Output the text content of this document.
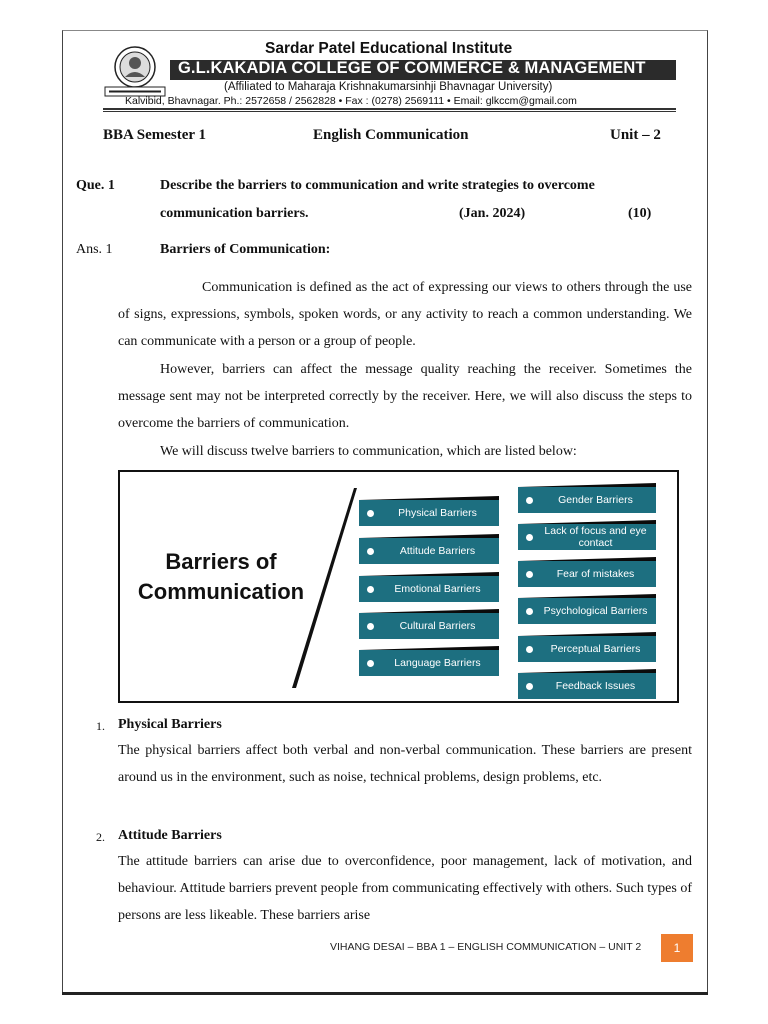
Sardar Patel Educational Institute
G.L.KAKADIA COLLEGE OF COMMERCE & MANAGEMENT
(Affiliated to Maharaja Krishnakumarsinhji Bhavnagar University)
Kalvibid, Bhavnagar. Ph.: 2572658 / 2562828 • Fax : (0278) 2569111 • Email: glkccm@gmail.com
BBA Semester 1	English Communication	Unit – 2
Que. 1	Describe the barriers to communication and write strategies to overcome
communication barriers.	(Jan. 2024)	(10)
Ans. 1	Barriers of Communication:

Communication is defined as the act of expressing our views to others through the use of signs, expressions, symbols, spoken words, or any activity to reach a common understanding. We can communicate with a person or a group of people.

However, barriers can affect the message quality reaching the receiver. Sometimes the message sent may not be interpreted correctly by the receiver. Here, we will also discuss the steps to overcome the barriers of communication.

We will discuss twelve barriers to communication, which are listed below:

Barriers of
Communication
Physical Barriers
Attitude Barriers
Emotional Barriers
Cultural Barriers
Language Barriers
Gender Barriers
Lack of focus and eye contact
Fear of mistakes
Psychological Barriers
Perceptual Barriers
Feedback Issues
1. Physical Barriers

The physical barriers affect both verbal and non-verbal communication. These barriers are present around us in the environment, such as noise, technical problems, design problems, etc.

2. Attitude Barriers

The attitude barriers can arise due to overconfidence, poor management, lack of motivation, and behaviour. Attitude barriers prevent people from communicating effectively with others. Such types of persons are less likeable. These barriers arise

VIHANG DESAI – BBA 1 – ENGLISH COMMUNICATION – UNIT 2	1
